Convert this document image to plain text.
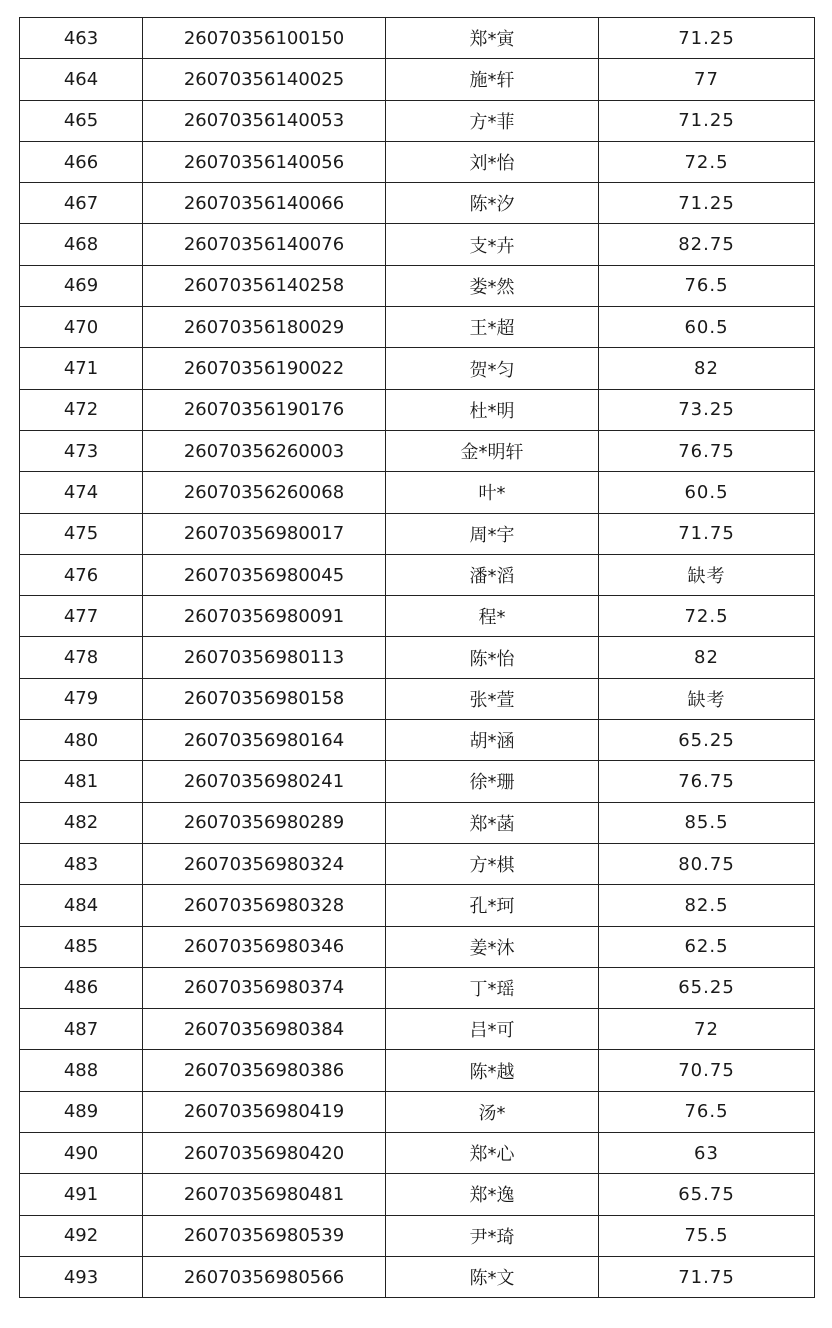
463	26070356100150	郑*寅	71.25
464	26070356140025	施*轩	77
465	26070356140053	方*菲	71.25
466	26070356140056	刘*怡	72.5
467	26070356140066	陈*汐	71.25
468	26070356140076	支*卉	82.75
469	26070356140258	娄*然	76.5
470	26070356180029	王*超	60.5
471	26070356190022	贺*匀	82
472	26070356190176	杜*明	73.25
473	26070356260003	金*明轩	76.75
474	26070356260068	叶*	60.5
475	26070356980017	周*宇	71.75
476	26070356980045	潘*滔	缺考
477	26070356980091	程*	72.5
478	26070356980113	陈*怡	82
479	26070356980158	张*萱	缺考
480	26070356980164	胡*涵	65.25
481	26070356980241	徐*珊	76.75
482	26070356980289	郑*菡	85.5
483	26070356980324	方*棋	80.75
484	26070356980328	孔*珂	82.5
485	26070356980346	姜*沐	62.5
486	26070356980374	丁*瑶	65.25
487	26070356980384	吕*可	72
488	26070356980386	陈*越	70.75
489	26070356980419	汤*	76.5
490	26070356980420	郑*心	63
491	26070356980481	郑*逸	65.75
492	26070356980539	尹*琦	75.5
493	26070356980566	陈*文	71.75
